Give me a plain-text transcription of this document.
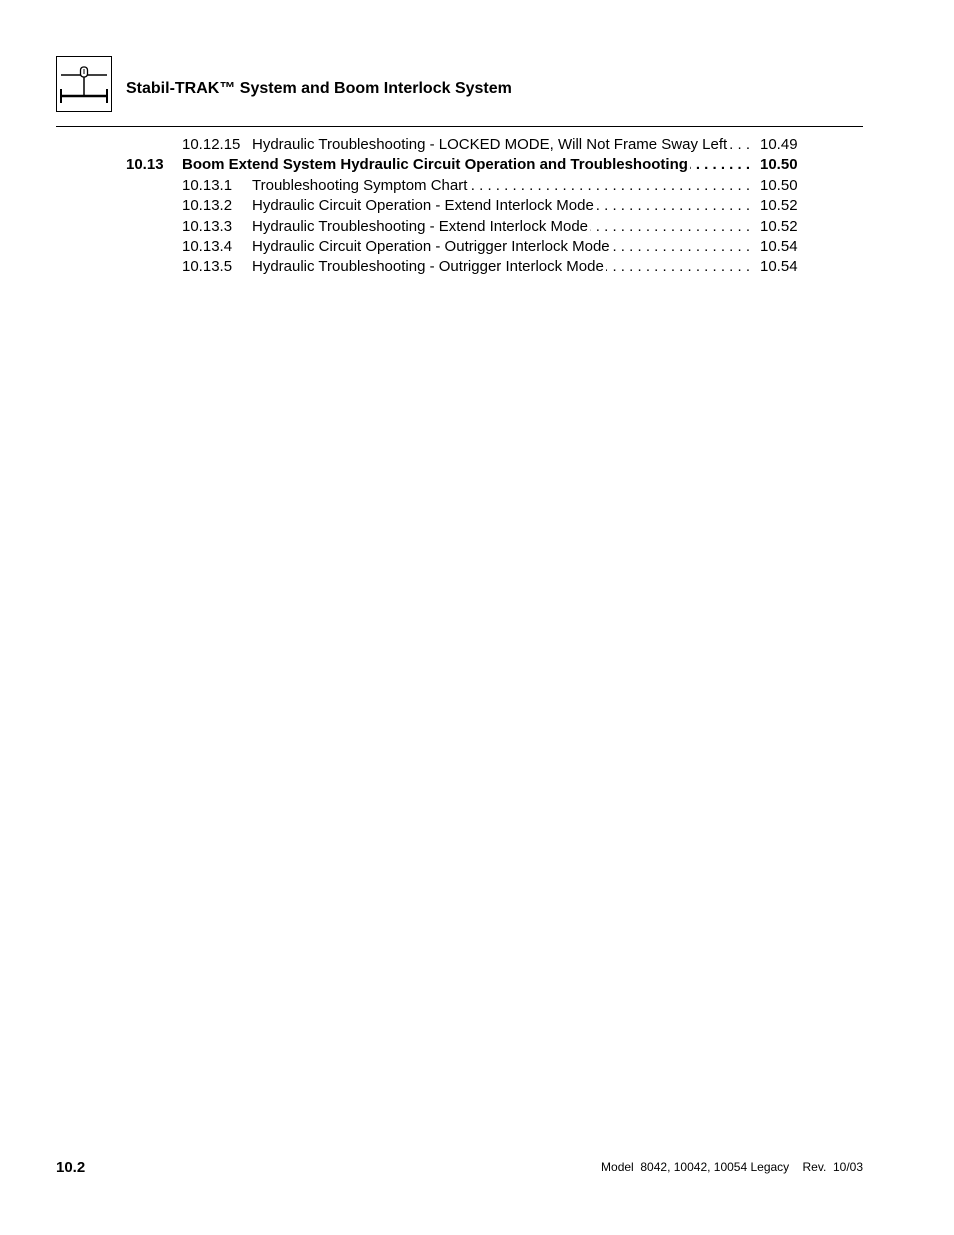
Stabil-TRAK™ System and Boom Interlock System
10.12.15 Hydraulic Troubleshooting - LOCKED MODE, Will Not Frame Sway Left . . .	10.49
10.13 Boom Extend System Hydraulic Circuit Operation and Troubleshooting . . .	10.50
10.13.1 Troubleshooting Symptom Chart . . .	10.50
10.13.2 Hydraulic Circuit Operation - Extend Interlock Mode . . .	10.52
10.13.3 Hydraulic Troubleshooting - Extend Interlock Mode . . .	10.52
10.13.4 Hydraulic Circuit Operation - Outrigger Interlock Mode . . .	10.54
10.13.5 Hydraulic Troubleshooting - Outrigger Interlock Mode . . .	10.54
10.2	Model  8042, 10042, 10054 Legacy    Rev.  10/03
